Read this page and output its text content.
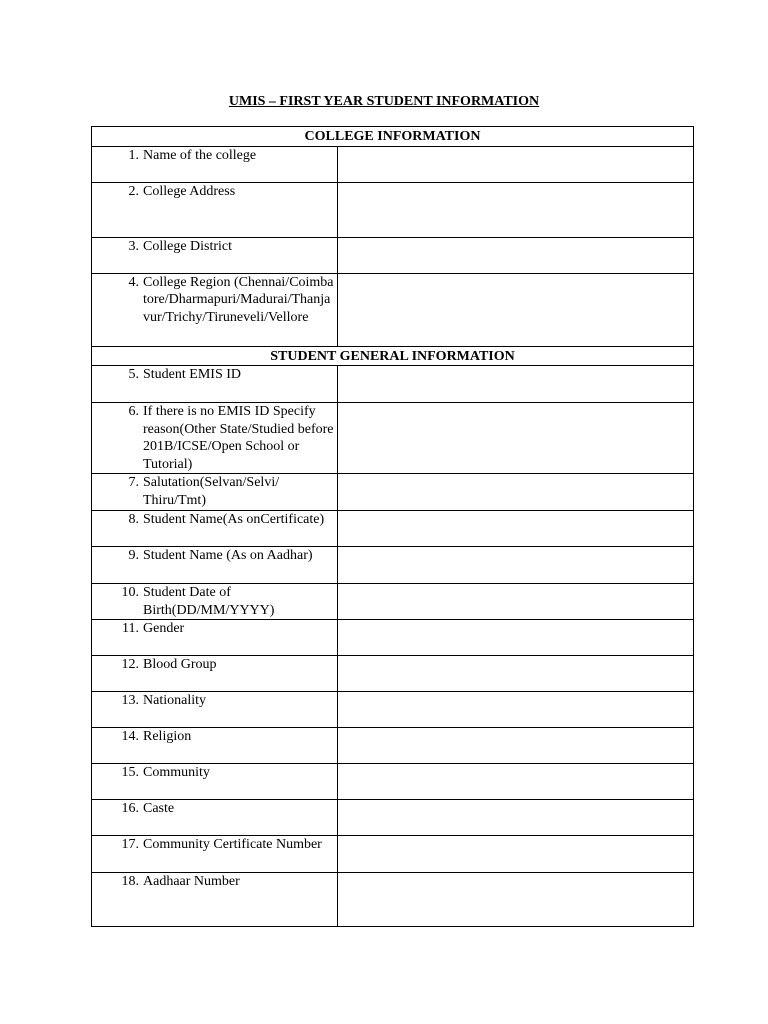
UMIS – FIRST YEAR STUDENT INFORMATION
COLLEGE INFORMATION	

1. Name of the college	

2. College Address	

3. College District	

4. College Region (Chennai/Coimbatore/Dharmapuri/Madurai/Thanjavur/Trichy/Tiruneveli/Vellore	

STUDENT GENERAL INFORMATION	

5. Student EMIS ID	

6. If there is no EMIS ID Specify reason(Other State/Studied before 201B/ICSE/Open School or Tutorial)	

7. Salutation(Selvan/Selvi/ Thiru/Tmt)	

8. Student Name(As onCertificate)	

9. Student Name (As on Aadhar)	

10. Student Date of Birth(DD/MM/YYYY)	

11. Gender	

12. Blood Group	

13. Nationality	

14. Religion	

15. Community	

16. Caste	

17. Community Certificate Number	

18. Aadhaar Number	
